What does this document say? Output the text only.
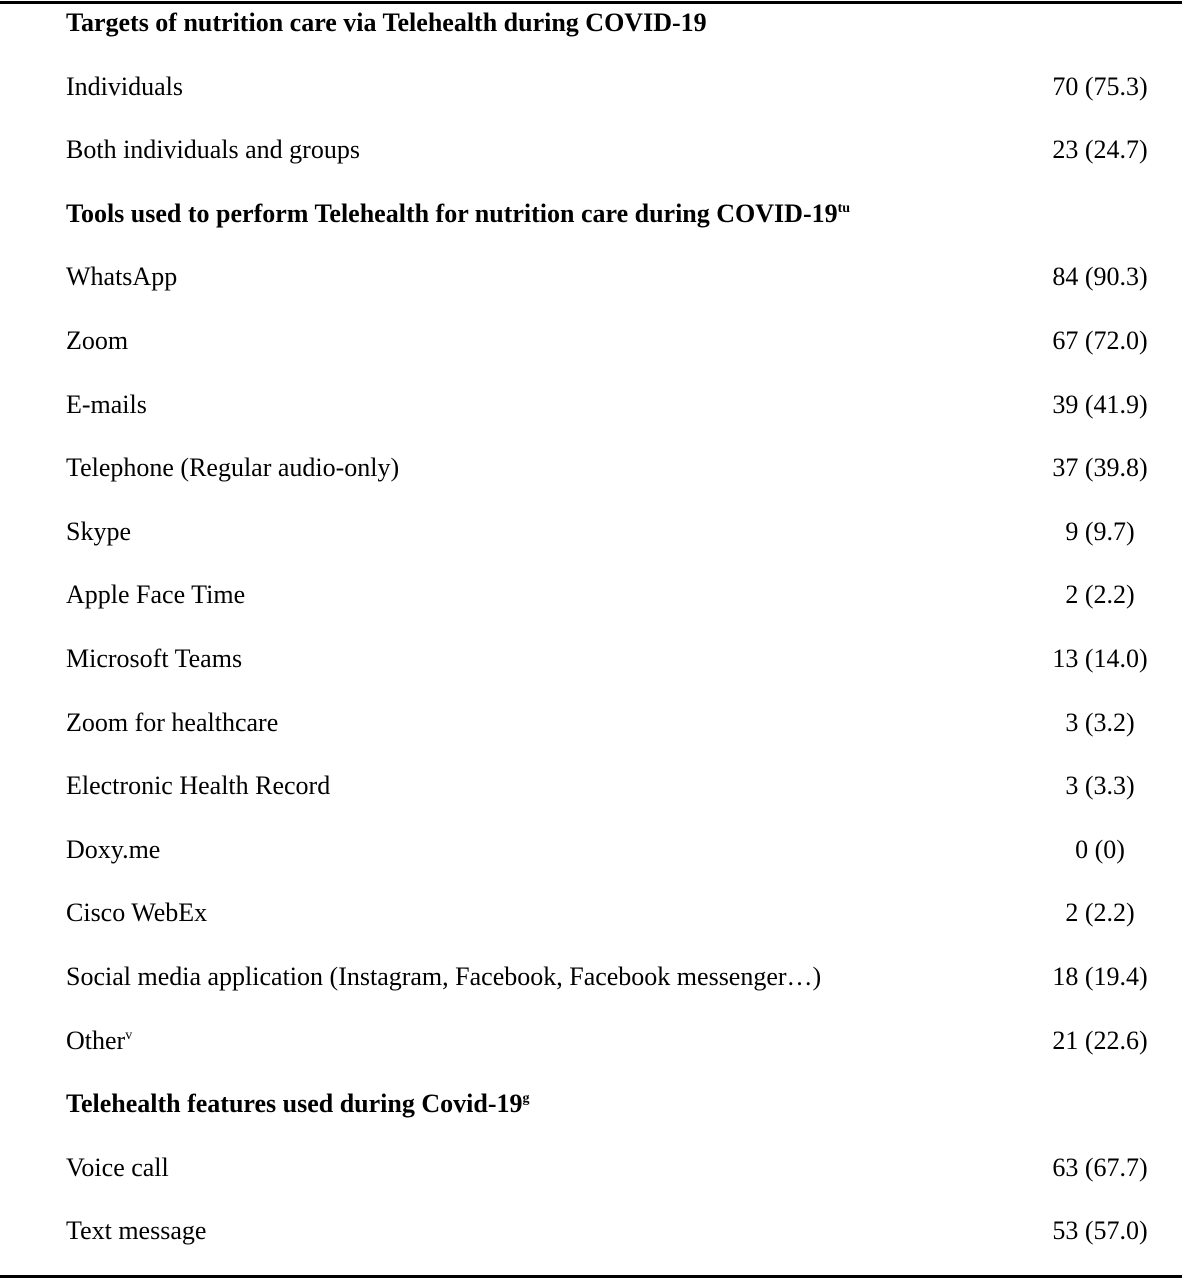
Targets of nutrition care via Telehealth during COVID-19
Individuals	70 (75.3)
Both individuals and groups	23 (24.7)
Tools used to perform Telehealth for nutrition care during COVID-$19^{tu}$
WhatsApp	84 (90.3)
Zoom	67 (72.0)
E-mails	39 (41.9)
Telephone (Regular audio-only)	37 (39.8)
Skype	9 (9.7)
Apple Face Time	2 (2.2)
Microsoft Teams	13 (14.0)
Zoom for healthcare	3 (3.2)
Electronic Health Record	3 (3.3)
Doxy.me	0 (0)
Cisco WebEx	2 (2.2)
Social media application (Instagram, Facebook, Facebook messenger…)	18 (19.4)
Other$^v$	21 (22.6)
Telehealth features used during Covid-19$^g$
Voice call	63 (67.7)
Text message	53 (57.0)
